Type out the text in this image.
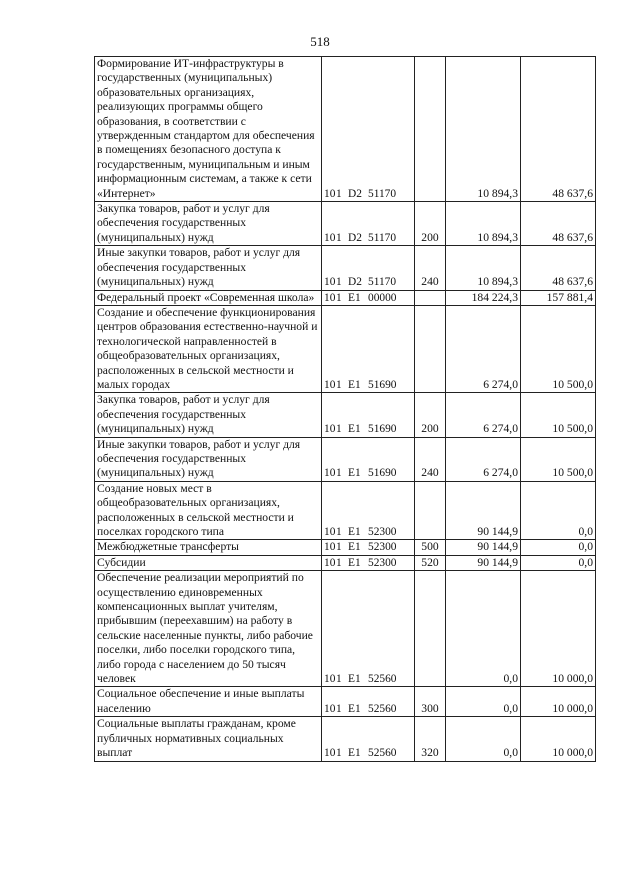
518
Формирование ИТ-инфраструктуры в государственных (муниципальных) образовательных организациях, реализующих программы общего образования, в соответствии с утвержденным стандартом для обеспечения в помещениях безопасного доступа к государственным, муниципальным и иным информационным системам, а также к сети «Интернет»	101 D2 51170		10 894,3	48 637,6
Закупка товаров, работ и услуг для обеспечения государственных (муниципальных) нужд	101 D2 51170	200	10 894,3	48 637,6
Иные закупки товаров, работ и услуг для обеспечения государственных (муниципальных) нужд	101 D2 51170	240	10 894,3	48 637,6
Федеральный проект «Современная школа»	101 E1 00000		184 224,3	157 881,4
Создание и обеспечение функционирования центров образования естественно-научной и технологической направленностей в общеобразовательных организациях, расположенных в сельской местности и малых городах	101 E1 51690		6 274,0	10 500,0
Закупка товаров, работ и услуг для обеспечения государственных (муниципальных) нужд	101 E1 51690	200	6 274,0	10 500,0
Иные закупки товаров, работ и услуг для обеспечения государственных (муниципальных) нужд	101 E1 51690	240	6 274,0	10 500,0
Создание новых мест в общеобразовательных организациях, расположенных в сельской местности и поселках городского типа	101 E1 52300		90 144,9	0,0
Межбюджетные трансферты	101 E1 52300	500	90 144,9	0,0
Субсидии	101 E1 52300	520	90 144,9	0,0
Обеспечение реализации мероприятий по осуществлению единовременных компенсационных выплат учителям, прибывшим (переехавшим) на работу в сельские населенные пункты, либо рабочие поселки, либо поселки городского типа, либо города с населением до 50 тысяч человек	101 E1 52560		0,0	10 000,0
Социальное обеспечение и иные выплаты населению	101 E1 52560	300	0,0	10 000,0
Социальные выплаты гражданам, кроме публичных нормативных социальных выплат	101 E1 52560	320	0,0	10 000,0
